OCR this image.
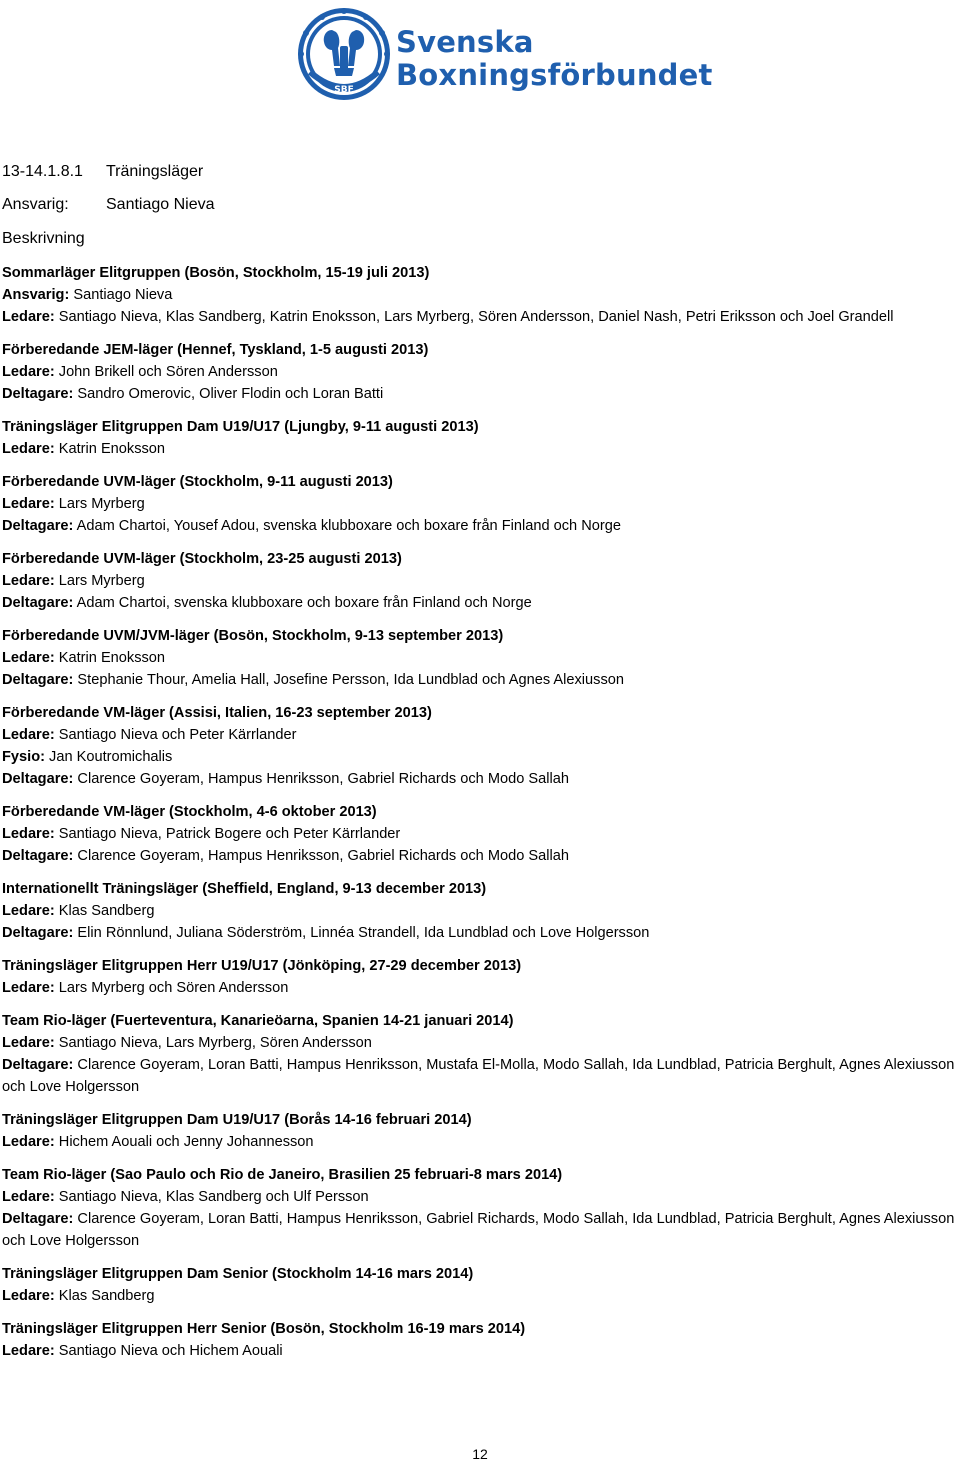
SBF
Svenska
Boxningsförbundet
13-14.1.8.1 Träningsläger
Ansvarig: Santiago Nieva
Beskrivning
Sommarläger Elitgruppen (Bosön, Stockholm, 15-19 juli 2013)
Ansvarig: Santiago Nieva
Ledare: Santiago Nieva, Klas Sandberg, Katrin Enoksson, Lars Myrberg, Sören Andersson, Daniel Nash, Petri Eriksson och Joel Grandell
Förberedande JEM-läger (Hennef, Tyskland, 1-5 augusti 2013)
Ledare: John Brikell och Sören Andersson
Deltagare: Sandro Omerovic, Oliver Flodin och Loran Batti
Träningsläger Elitgruppen Dam U19/U17 (Ljungby, 9-11 augusti 2013)
Ledare: Katrin Enoksson
Förberedande UVM-läger (Stockholm, 9-11 augusti 2013)
Ledare: Lars Myrberg
Deltagare: Adam Chartoi, Yousef Adou, svenska klubboxare och boxare från Finland och Norge
Förberedande UVM-läger (Stockholm, 23-25 augusti 2013)
Ledare: Lars Myrberg
Deltagare: Adam Chartoi, svenska klubboxare och boxare från Finland och Norge
Förberedande UVM/JVM-läger (Bosön, Stockholm, 9-13 september 2013)
Ledare: Katrin Enoksson
Deltagare: Stephanie Thour, Amelia Hall, Josefine Persson, Ida Lundblad och Agnes Alexiusson
Förberedande VM-läger (Assisi, Italien, 16-23 september 2013)
Ledare: Santiago Nieva och Peter Kärrlander
Fysio: Jan Koutromichalis
Deltagare: Clarence Goyeram, Hampus Henriksson, Gabriel Richards och Modo Sallah
Förberedande VM-läger (Stockholm, 4-6 oktober 2013)
Ledare: Santiago Nieva, Patrick Bogere och Peter Kärrlander
Deltagare: Clarence Goyeram, Hampus Henriksson, Gabriel Richards och Modo Sallah
Internationellt Träningsläger (Sheffield, England, 9-13 december 2013)
Ledare: Klas Sandberg
Deltagare: Elin Rönnlund, Juliana Söderström, Linnéa Strandell, Ida Lundblad och Love Holgersson
Träningsläger Elitgruppen Herr U19/U17 (Jönköping, 27-29 december 2013)
Ledare: Lars Myrberg och Sören Andersson
Team Rio-läger (Fuerteventura, Kanarieöarna, Spanien 14-21 januari 2014)
Ledare: Santiago Nieva, Lars Myrberg, Sören Andersson
Deltagare: Clarence Goyeram, Loran Batti, Hampus Henriksson, Mustafa El-Molla, Modo Sallah, Ida Lundblad, Patricia Berghult, Agnes Alexiusson och Love Holgersson
Träningsläger Elitgruppen Dam U19/U17 (Borås 14-16 februari 2014)
Ledare: Hichem Aouali och Jenny Johannesson
Team Rio-läger (Sao Paulo och Rio de Janeiro, Brasilien 25 februari-8 mars 2014)
Ledare: Santiago Nieva, Klas Sandberg och Ulf Persson
Deltagare: Clarence Goyeram, Loran Batti, Hampus Henriksson, Gabriel Richards, Modo Sallah, Ida Lundblad, Patricia Berghult, Agnes Alexiusson och Love Holgersson
Träningsläger Elitgruppen Dam Senior (Stockholm 14-16 mars 2014)
Ledare: Klas Sandberg
Träningsläger Elitgruppen Herr Senior (Bosön, Stockholm 16-19 mars 2014)
Ledare: Santiago Nieva och Hichem Aouali
12
